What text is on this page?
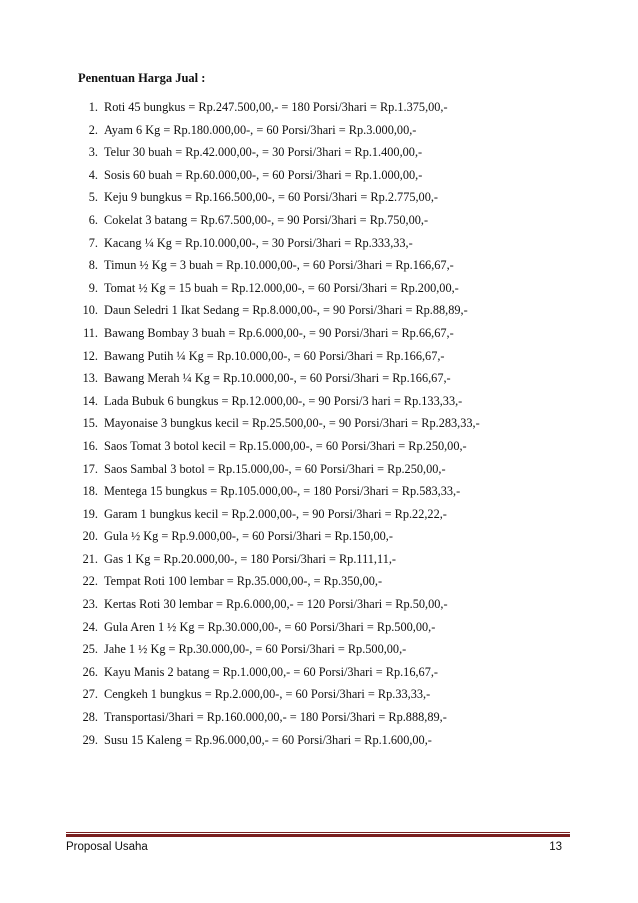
Penentuan Harga Jual :
1. Roti 45 bungkus = Rp.247.500,00,- = 180 Porsi/3hari = Rp.1.375,00,-
2. Ayam 6 Kg = Rp.180.000,00-, = 60 Porsi/3hari = Rp.3.000,00,-
3. Telur 30 buah = Rp.42.000,00-, = 30 Porsi/3hari = Rp.1.400,00,-
4. Sosis 60 buah = Rp.60.000,00-, = 60 Porsi/3hari = Rp.1.000,00,-
5. Keju 9 bungkus = Rp.166.500,00-, = 60 Porsi/3hari = Rp.2.775,00,-
6. Cokelat 3 batang = Rp.67.500,00-, = 90 Porsi/3hari = Rp.750,00,-
7. Kacang ¼ Kg = Rp.10.000,00-, = 30 Porsi/3hari = Rp.333,33,-
8. Timun ½ Kg = 3 buah = Rp.10.000,00-, = 60 Porsi/3hari = Rp.166,67,-
9. Tomat ½ Kg = 15 buah = Rp.12.000,00-, = 60 Porsi/3hari = Rp.200,00,-
10. Daun Seledri 1 Ikat Sedang = Rp.8.000,00-, = 90 Porsi/3hari = Rp.88,89,-
11. Bawang Bombay 3 buah = Rp.6.000,00-, = 90 Porsi/3hari = Rp.66,67,-
12. Bawang Putih ¼ Kg = Rp.10.000,00-, = 60 Porsi/3hari = Rp.166,67,-
13. Bawang Merah ¼ Kg = Rp.10.000,00-, = 60 Porsi/3hari = Rp.166,67,-
14. Lada Bubuk 6 bungkus = Rp.12.000,00-, = 90 Porsi/3 hari = Rp.133,33,-
15. Mayonaise 3 bungkus kecil = Rp.25.500,00-, = 90 Porsi/3hari = Rp.283,33,-
16. Saos Tomat 3 botol kecil = Rp.15.000,00-, = 60 Porsi/3hari = Rp.250,00,-
17. Saos Sambal 3 botol = Rp.15.000,00-, = 60 Porsi/3hari = Rp.250,00,-
18. Mentega 15 bungkus = Rp.105.000,00-, = 180 Porsi/3hari = Rp.583,33,-
19. Garam 1 bungkus kecil = Rp.2.000,00-, = 90 Porsi/3hari = Rp.22,22,-
20. Gula ½ Kg = Rp.9.000,00-, = 60 Porsi/3hari = Rp.150,00,-
21. Gas 1 Kg = Rp.20.000,00-, = 180 Porsi/3hari = Rp.111,11,-
22. Tempat Roti 100 lembar = Rp.35.000,00-, = Rp.350,00,-
23. Kertas Roti 30 lembar = Rp.6.000,00,- = 120 Porsi/3hari = Rp.50,00,-
24. Gula Aren 1 ½ Kg = Rp.30.000,00-, = 60 Porsi/3hari = Rp.500,00,-
25. Jahe 1 ½ Kg = Rp.30.000,00-, = 60 Porsi/3hari = Rp.500,00,-
26. Kayu Manis 2 batang = Rp.1.000,00,- = 60 Porsi/3hari = Rp.16,67,-
27. Cengkeh 1 bungkus = Rp.2.000,00-, = 60 Porsi/3hari = Rp.33,33,-
28. Transportasi/3hari = Rp.160.000,00,- = 180 Porsi/3hari = Rp.888,89,-
29. Susu 15 Kaleng = Rp.96.000,00,- = 60 Porsi/3hari = Rp.1.600,00,-
Proposal Usaha	13
